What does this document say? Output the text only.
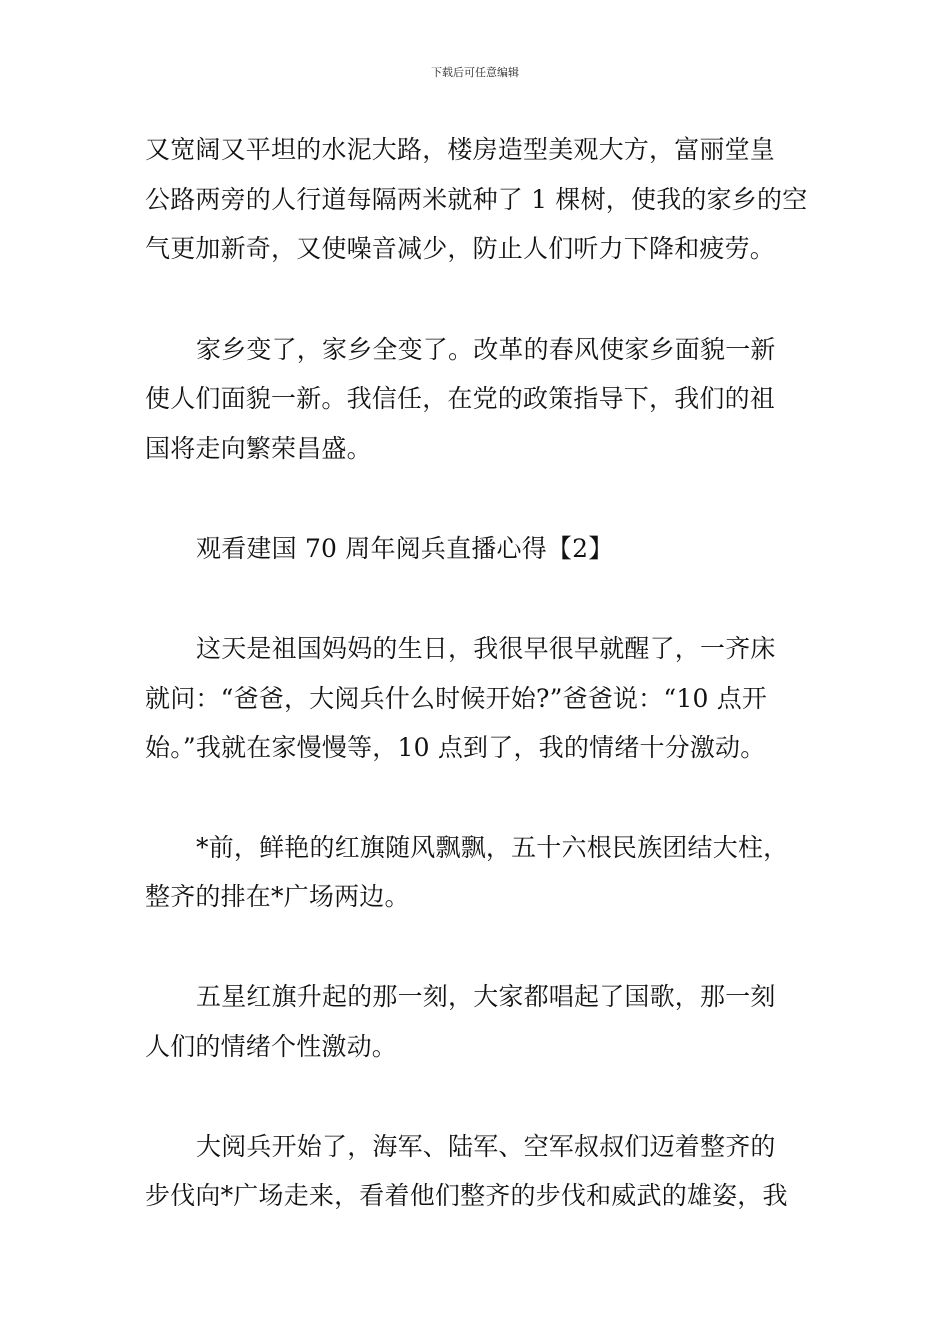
下载后可任意编辑
又宽阔又平坦的水泥大路，楼房造型美观大方，富丽堂皇
公路两旁的人行道每隔两米就种了 1 棵树，使我的家乡的空
气更加新奇，又使噪音减少，防止人们听力下降和疲劳。
家乡变了，家乡全变了。改革的春风使家乡面貌一新
使人们面貌一新。我信任，在党的政策指导下，我们的祖
国将走向繁荣昌盛。
观看建国 70 周年阅兵直播心得【2】
这天是祖国妈妈的生日，我很早很早就醒了，一齐床
就问：“爸爸，大阅兵什么时候开始?”爸爸说：“10 点开
始。”我就在家慢慢等，10 点到了，我的情绪十分激动。
*前，鲜艳的红旗随风飘飘，五十六根民族团结大柱，
整齐的排在*广场两边。
五星红旗升起的那一刻，大家都唱起了国歌，那一刻
人们的情绪个性激动。
大阅兵开始了，海军、陆军、空军叔叔们迈着整齐的
步伐向*广场走来，看着他们整齐的步伐和威武的雄姿，我
